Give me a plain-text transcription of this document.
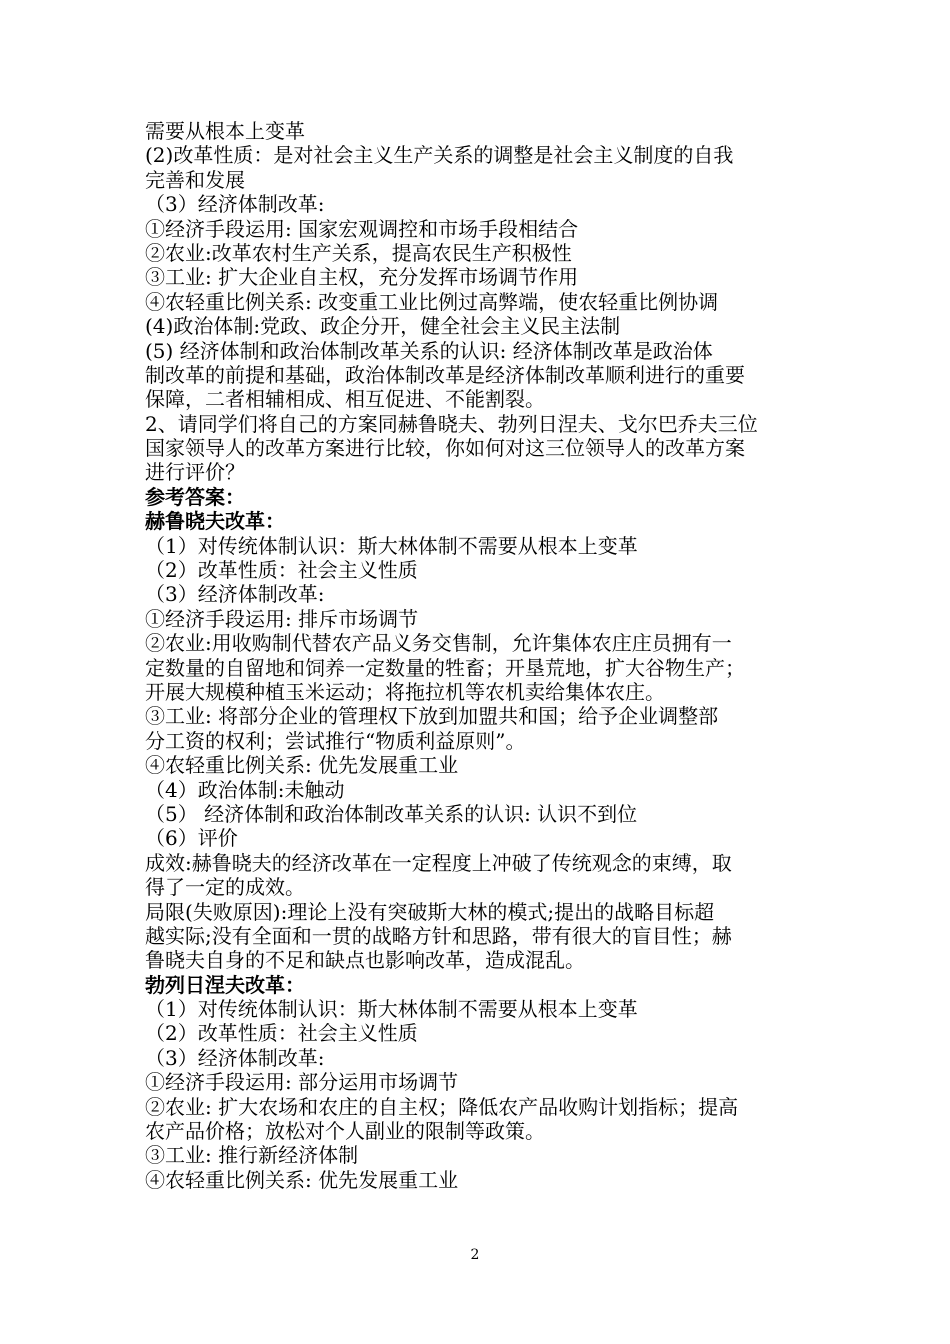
需要从根本上变革
(2)改革性质：是对社会主义生产关系的调整是社会主义制度的自我
完善和发展
（3）经济体制改革:
①经济手段运用: 国家宏观调控和市场手段相结合
②农业:改革农村生产关系，提高农民生产积极性
③工业: 扩大企业自主权，充分发挥市场调节作用
④农轻重比例关系: 改变重工业比例过高弊端，使农轻重比例协调
(4)政治体制:党政、政企分开，健全社会主义民主法制
(5) 经济体制和政治体制改革关系的认识: 经济体制改革是政治体
制改革的前提和基础，政治体制改革是经济体制改革顺利进行的重要
保障，二者相辅相成、相互促进、不能割裂。
2、请同学们将自己的方案同赫鲁晓夫、勃列日涅夫、戈尔巴乔夫三位
国家领导人的改革方案进行比较，你如何对这三位领导人的改革方案
进行评价？
参考答案：
赫鲁晓夫改革：
（1）对传统体制认识：斯大林体制不需要从根本上变革
（2）改革性质：社会主义性质
（3）经济体制改革:
①经济手段运用: 排斥市场调节
②农业:用收购制代替农产品义务交售制，允许集体农庄庄员拥有一
定数量的自留地和饲养一定数量的牲畜；开垦荒地，扩大谷物生产；
开展大规模种植玉米运动；将拖拉机等农机卖给集体农庄。
③工业: 将部分企业的管理权下放到加盟共和国；给予企业调整部
分工资的权利；尝试推行“物质利益原则”。
④农轻重比例关系: 优先发展重工业
（4）政治体制:未触动
（5） 经济体制和政治体制改革关系的认识: 认识不到位
（6）评价
成效:赫鲁晓夫的经济改革在一定程度上冲破了传统观念的束缚，取
得了一定的成效。
局限(失败原因):理论上没有突破斯大林的模式;提出的战略目标超
越实际;没有全面和一贯的战略方针和思路，带有很大的盲目性；赫
鲁晓夫自身的不足和缺点也影响改革，造成混乱。
勃列日涅夫改革：
（1）对传统体制认识：斯大林体制不需要从根本上变革
（2）改革性质：社会主义性质
（3）经济体制改革:
①经济手段运用: 部分运用市场调节
②农业: 扩大农场和农庄的自主权；降低农产品收购计划指标；提高
农产品价格；放松对个人副业的限制等政策。
③工业: 推行新经济体制
④农轻重比例关系: 优先发展重工业
2
